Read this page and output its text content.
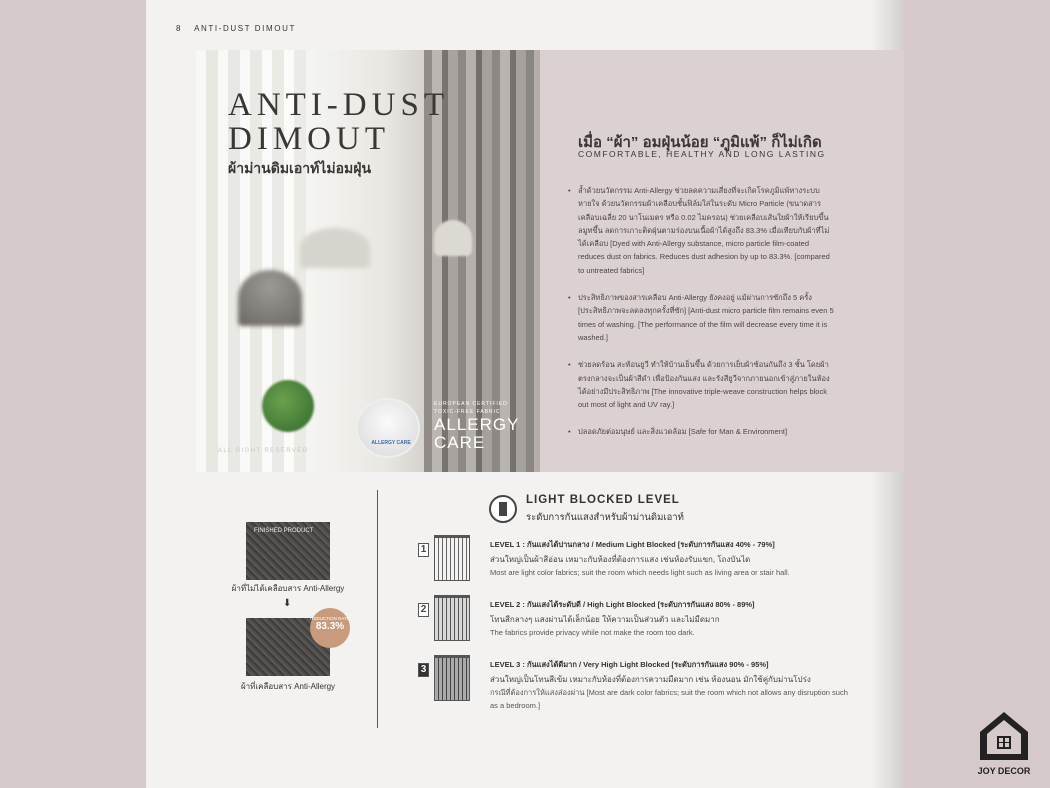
8 ANTI-DUST DIMOUT
ANTI-DUST
DIMOUT
ผ้าม่านดิมเอาท์ไม่อมฝุ่น
ALLERGY CARE
EUROPEAN CERTIFIED
TOXIC-FREE FABRIC
ALLERGY CARE
ALL RIGHT RESERVED
เมื่อ “ผ้า” อมฝุ่นน้อย “ภูมิแพ้” ก็ไม่เกิด
COMFORTABLE, HEALTHY AND LONG LASTING
• ล้ำด้วยนวัตกรรม Anti-Allergy ช่วยลดความเสี่ยงที่จะเกิดโรคภูมิแพ้ทางระบบหายใจ ด้วยนวัตกรรมผ้าเคลือบชั้นฟิล์มใสในระดับ Micro Particle (ขนาดสารเคลือบเฉลี่ย 20 นาโนเมตร หรือ 0.02 ไมครอน) ช่วยเคลือบเส้นใยผ้าให้เรียบขึ้น ลมูทขึ้น ลดการเกาะติดฝุ่นตามร่องบนเนื้อผ้าได้สูงถึง 83.3% เมื่อเทียบกับผ้าที่ไม่ได้เคลือบ [Dyed with Anti-Allergy substance, micro particle film-coated reduces dust on fabrics. Reduces dust adhesion by up to 83.3%. [compared to untreated fabrics]
• ประสิทธิภาพของสารเคลือบ Anti-Allergy ยังคงอยู่ แม้ผ่านการซักถึง 5 ครั้ง [ประสิทธิภาพจะลดลงทุกครั้งที่ซัก] [Anti-dust micro particle film remains even 5 times of washing. [The performance of the film will decrease every time it is washed.]
• ช่วยลดร้อน สะท้อนยูวี ทำให้บ้านเย็นขึ้น ด้วยการเย็บผ้าซ้อนกันถึง 3 ชั้น โดยผ้าตรงกลางจะเป็นผ้าสีดำ เพื่อป้องกันแสง และรังสียูวีจากภายนอกเข้าสู่ภายในห้องได้อย่างมีประสิทธิภาพ [The innovative triple-weave construction helps block out most of light and UV ray.]
• ปลอดภัยต่อมนุษย์ และสิ่งแวดล้อม [Safe for Man & Environment]
FINISHED PRODUCT
ผ้าที่ไม่ได้เคลือบสาร Anti-Allergy
⬇
REDUCTION RATE
83.3%
ผ้าที่เคลือบสาร Anti-Allergy
LIGHT BLOCKED LEVEL
ระดับการกันแสงสำหรับผ้าม่านดิมเอาท์
1	LEVEL 1 : กันแสงได้ปานกลาง / Medium Light Blocked [ระดับการกันแสง 40% - 79%]
ส่วนใหญ่เป็นผ้าสีอ่อน เหมาะกับห้องที่ต้องการแสง เช่นห้องรับแขก, โถงบันได
Most are light color fabrics; suit the room which needs light such as living area or stair hall.
2	LEVEL 2 : กันแสงได้ระดับดี / High Light Blocked [ระดับการกันแสง 80% - 89%]
โทนสีกลางๆ แสงผ่านได้เล็กน้อย ให้ความเป็นส่วนตัว และไม่มืดมาก
The fabrics provide privacy while not make the room too dark.
3	LEVEL 3 : กันแสงได้ดีมาก / Very High Light Blocked [ระดับการกันแสง 90% - 95%]
ส่วนใหญ่เป็นโทนสีเข้ม เหมาะกับห้องที่ต้องการความมืดมาก เช่น ห้องนอน มักใช้คู่กับม่านโปร่ง
กรณีที่ต้องการให้แสงส่องผ่าน [Most are dark color fabrics; suit the room which not allows any disruption such as a bedroom.]
JOY DECOR
